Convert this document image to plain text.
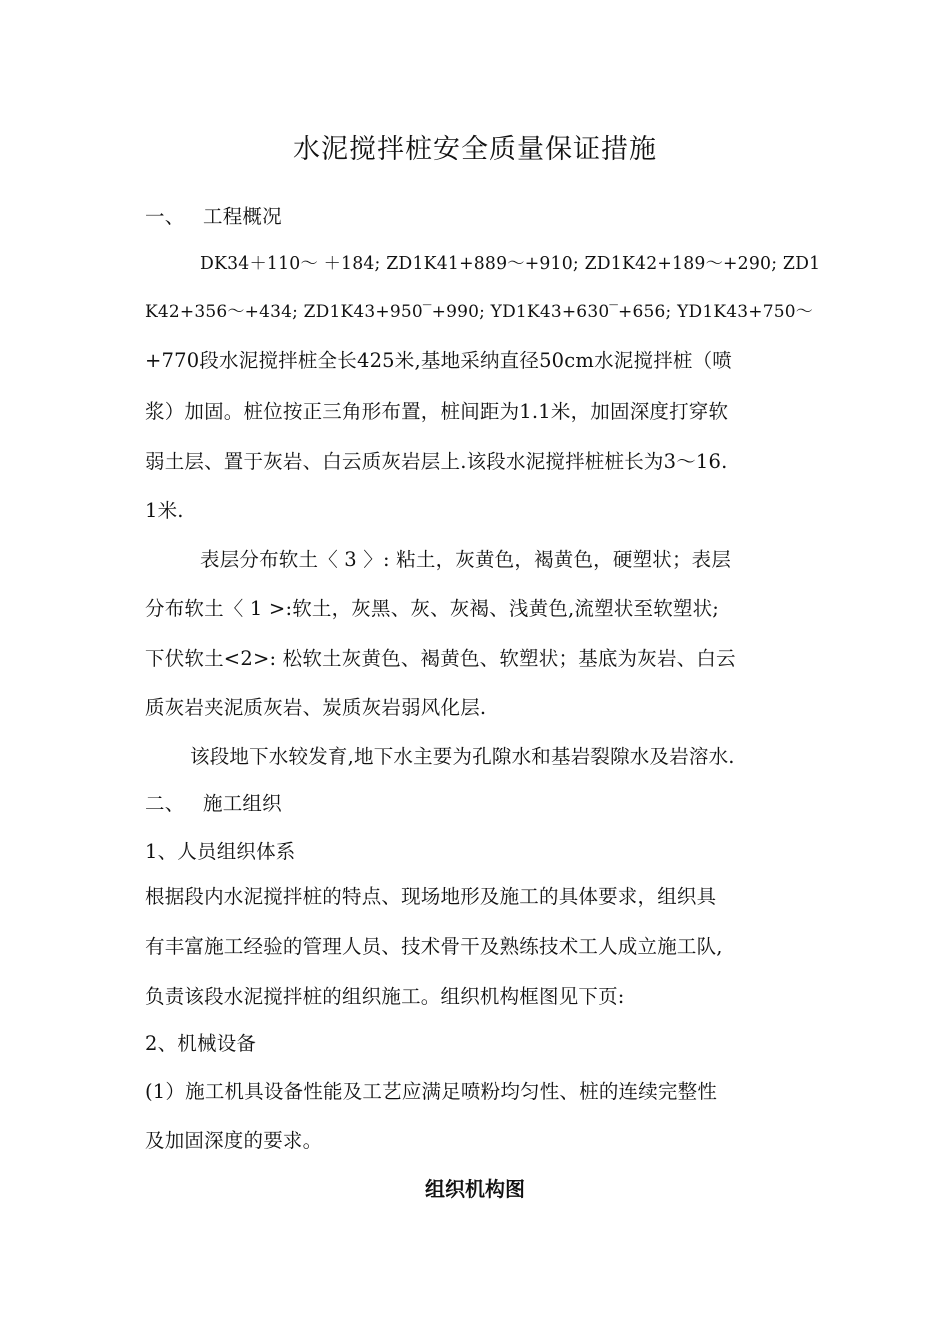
水泥搅拌桩安全质量保证措施
一、 工程概况
DK34＋110～ ＋184; ZD1K41+889～+910; ZD1K42+189～+290; ZD1
K42+356～+434; ZD1K43+950‾+990; YD1K43+630‾+656; YD1K43+750～
+770段水泥搅拌桩全长425米,基地采纳直径50cm水泥搅拌桩（喷
浆）加固。桩位按正三角形布置，桩间距为1.1米，加固深度打穿软
弱土层、置于灰岩、白云质灰岩层上.该段水泥搅拌桩桩长为3～16.
1米.
表层分布软土〈 3 〉: 粘土，灰黄色，褐黄色，硬塑状；表层
分布软土〈 1 >:软土，灰黑、灰、灰褐、浅黄色,流塑状至软塑状;
下伏软土<2>: 松软土灰黄色、褐黄色、软塑状；基底为灰岩、白云
质灰岩夹泥质灰岩、炭质灰岩弱风化层.
该段地下水较发育,地下水主要为孔隙水和基岩裂隙水及岩溶水.
二、 施工组织
1、人员组织体系
根据段内水泥搅拌桩的特点、现场地形及施工的具体要求，组织具
有丰富施工经验的管理人员、技术骨干及熟练技术工人成立施工队,
负责该段水泥搅拌桩的组织施工。组织机构框图见下页:
2、机械设备
(1）施工机具设备性能及工艺应满足喷粉均匀性、桩的连续完整性
及加固深度的要求。
组织机构图
